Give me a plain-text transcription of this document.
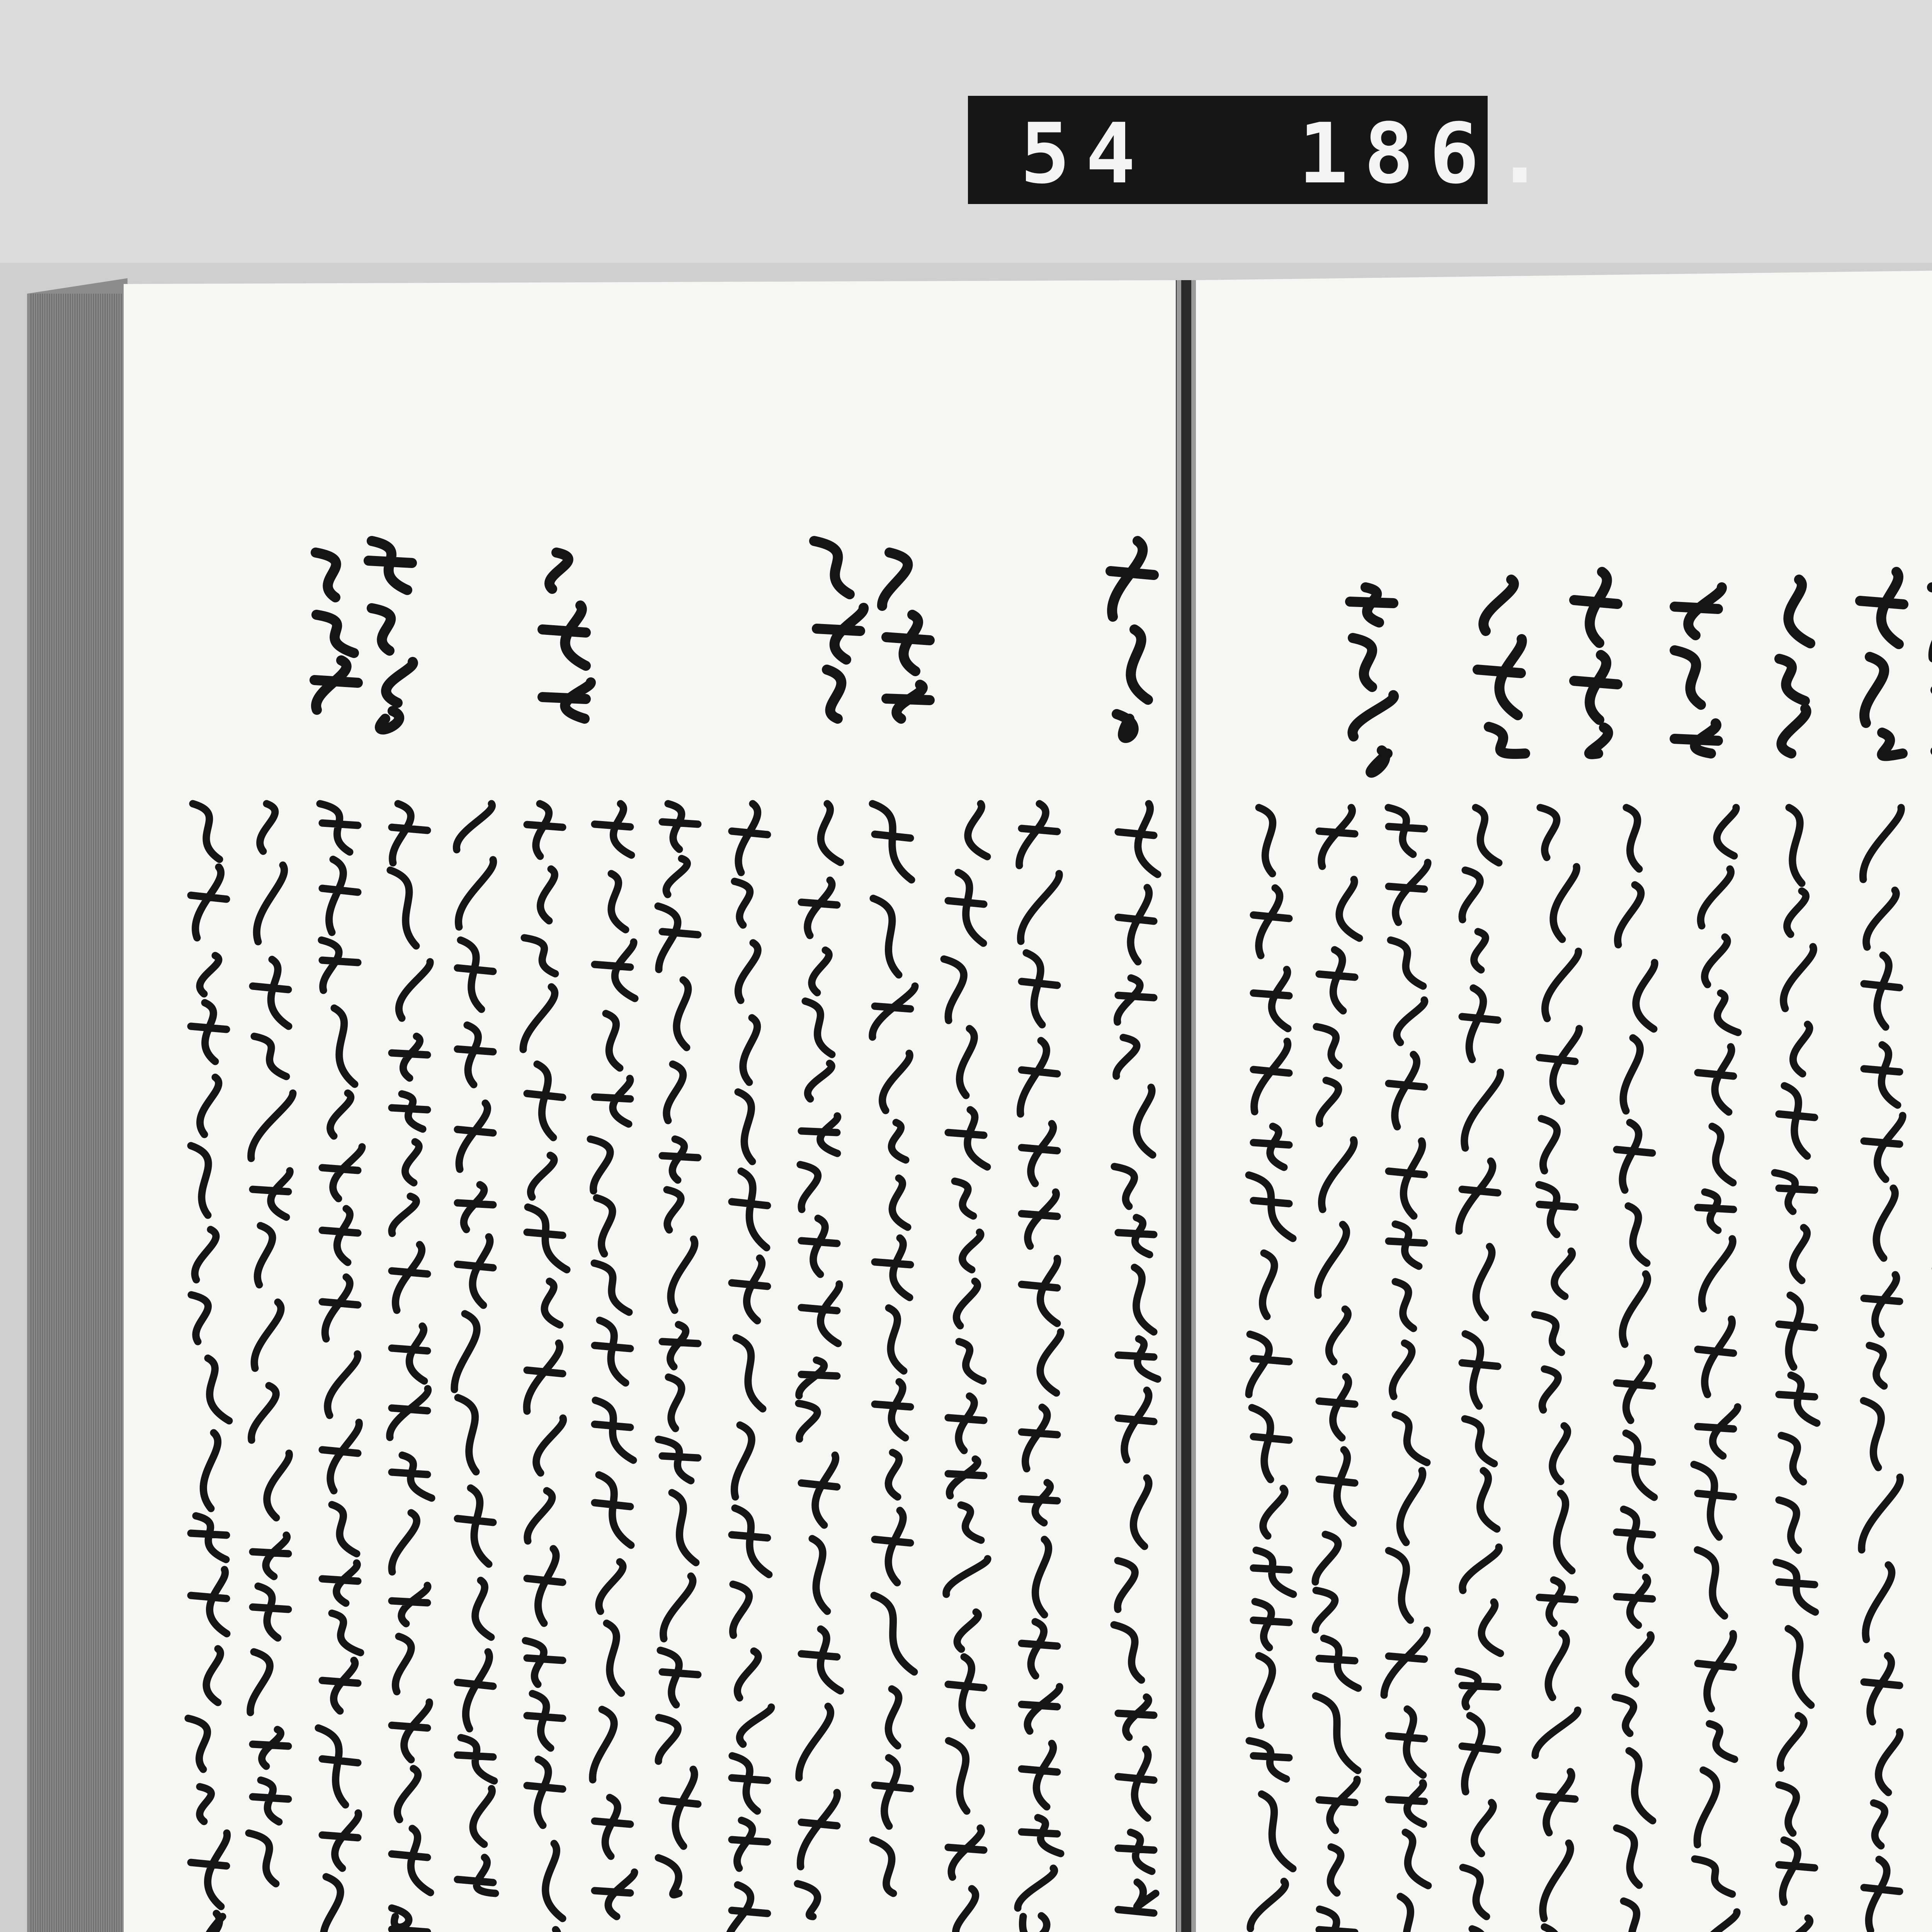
54 186.
